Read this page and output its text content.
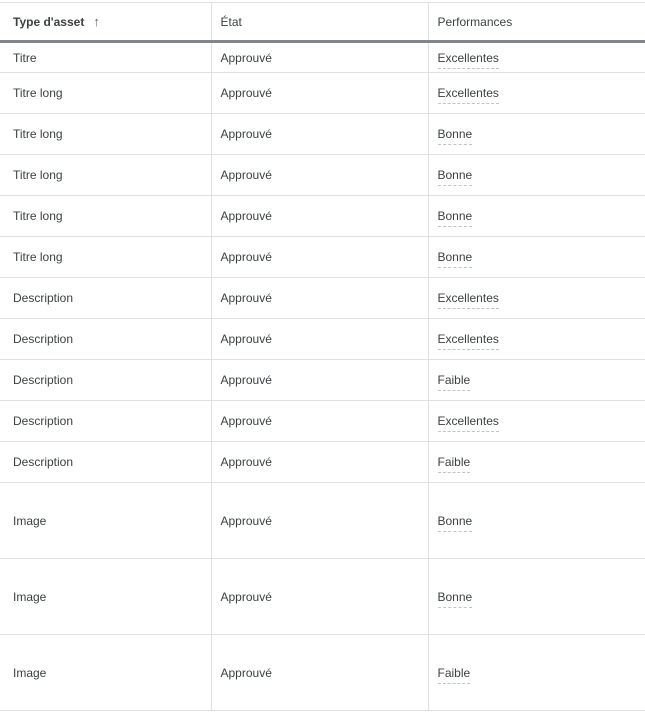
Type d'asset ↑	État	Performances
Titre	Approuvé	Excellentes
Titre long	Approuvé	Excellentes
Titre long	Approuvé	Bonne
Titre long	Approuvé	Bonne
Titre long	Approuvé	Bonne
Titre long	Approuvé	Bonne
Description	Approuvé	Excellentes
Description	Approuvé	Excellentes
Description	Approuvé	Faible
Description	Approuvé	Excellentes
Description	Approuvé	Faible
Image	Approuvé	Bonne
Image	Approuvé	Bonne
Image	Approuvé	Faible
